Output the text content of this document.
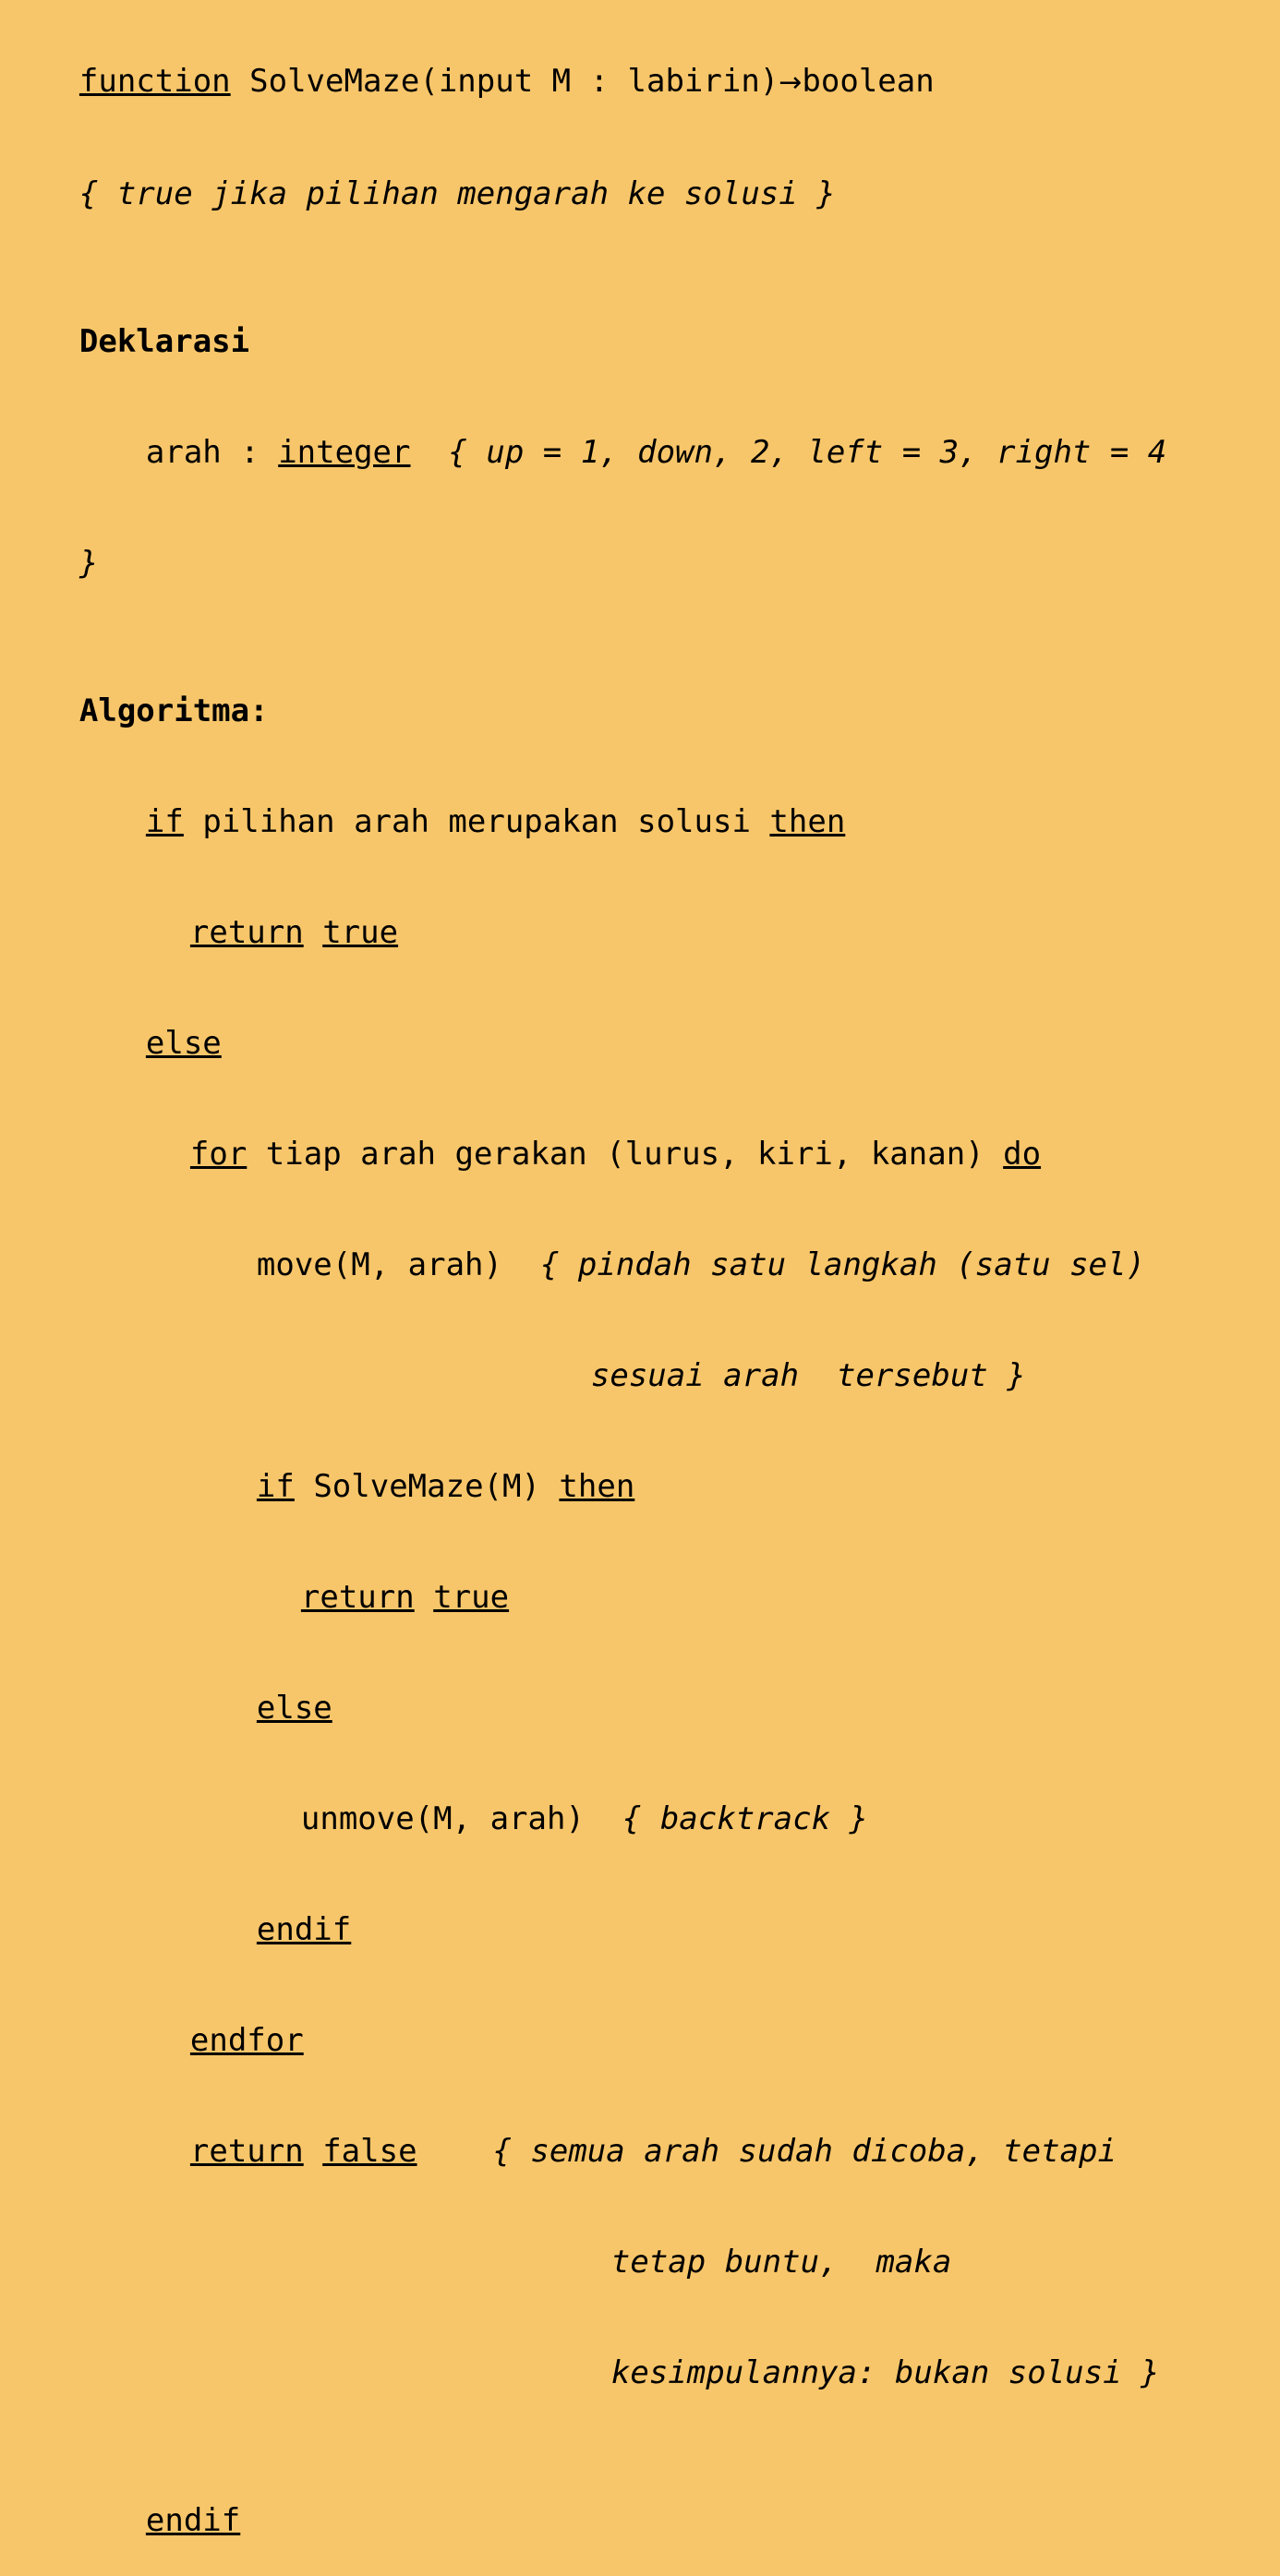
function SolveMaze(input M : labirin)→boolean

{ true jika pilihan mengarah ke solusi }

Deklarasi

arah : integer  { up = 1, down, 2, left = 3, right = 4

}

Algoritma:

if pilihan arah merupakan solusi then

return true

else

for tiap arah gerakan (lurus, kiri, kanan) do

move(M, arah)  { pindah satu langkah (satu sel)

sesuai arah  tersebut }

if SolveMaze(M) then

return true

else

unmove(M, arah)  { backtrack }

endif

endfor

return false { semua arah sudah dicoba, tetapi

tetap buntu,  maka

kesimpulannya: bukan solusi }

endif
